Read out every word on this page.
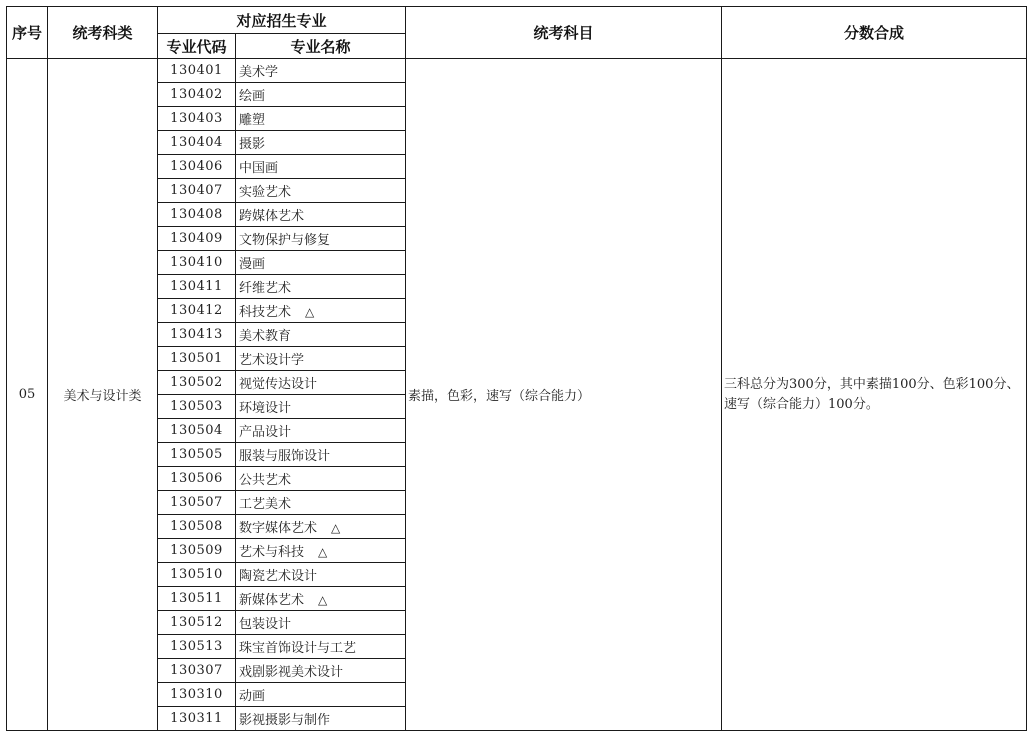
序号	统考科类	对应招生专业		统考科目	分数合成
		专业代码	专业名称		
05	美术与设计类	130401	美术学	素描，色彩，速写（综合能力）	三科总分为300分，其中素描100分、色彩100分、速写（综合能力）100分。
		130402	绘画		
		130403	雕塑		
		130404	摄影		
		130406	中国画		
		130407	实验艺术		
		130408	跨媒体艺术		
		130409	文物保护与修复		
		130410	漫画		
		130411	纤维艺术		
		130412	科技艺术 △		
		130413	美术教育		
		130501	艺术设计学		
		130502	视觉传达设计		
		130503	环境设计		
		130504	产品设计		
		130505	服装与服饰设计		
		130506	公共艺术		
		130507	工艺美术		
		130508	数字媒体艺术 △		
		130509	艺术与科技 △		
		130510	陶瓷艺术设计		
		130511	新媒体艺术 △		
		130512	包装设计		
		130513	珠宝首饰设计与工艺		
		130307	戏剧影视美术设计		
		130310	动画		
		130311	影视摄影与制作		
